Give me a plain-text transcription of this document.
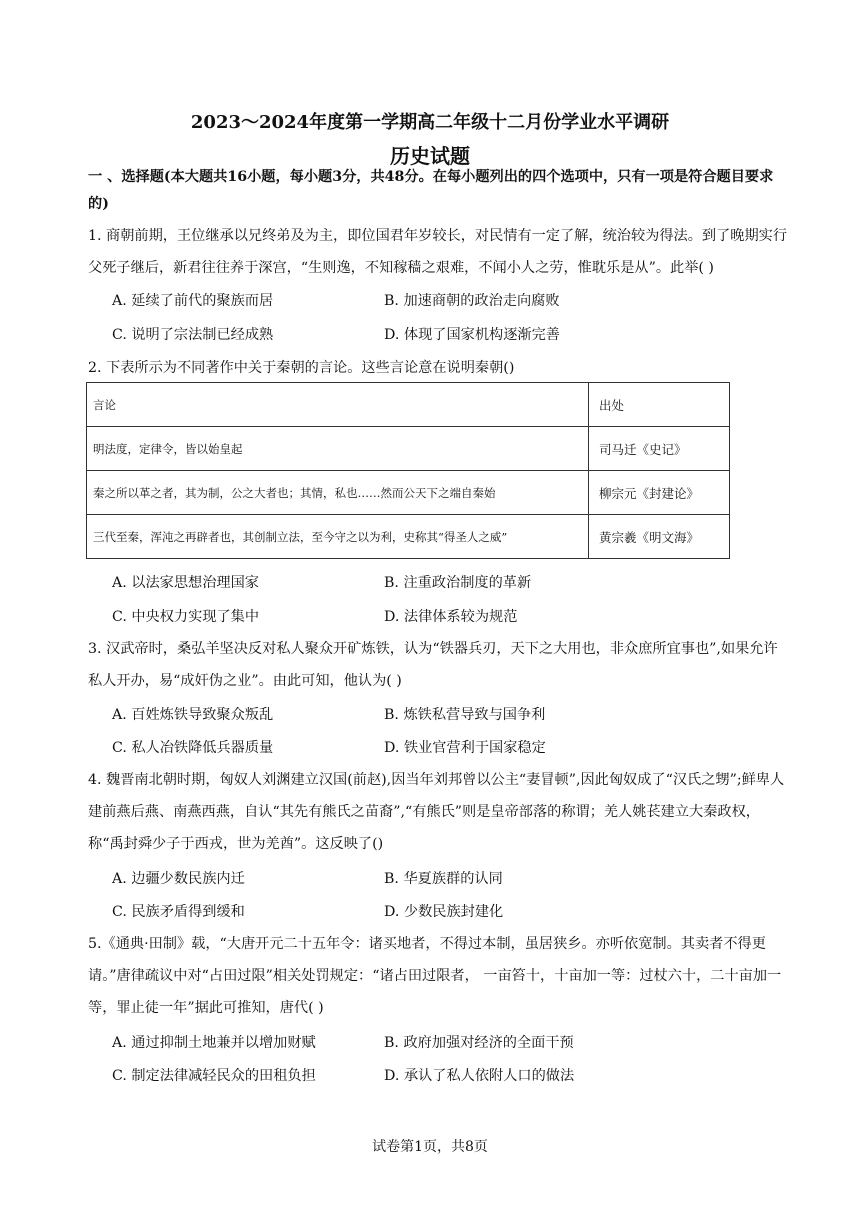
2023～2024年度第一学期高二年级十二月份学业水平调研
历史试题
一 、选择题(本大题共16小题，每小题3分，共48分。在每小题列出的四个选项中，只有一项是符合题目要求的)
1. 商朝前期，王位继承以兄终弟及为主，即位国君年岁较长，对民情有一定了解，统治较为得法。到了晚期实行父死子继后，新君往往养于深宫，“生则逸，不知稼穑之艰难，不闻小人之劳，惟耽乐是从”。此举( )
A. 延续了前代的聚族而居	B. 加速商朝的政治走向腐败
C. 说明了宗法制已经成熟	D. 体现了国家机构逐渐完善
2. 下表所示为不同著作中关于秦朝的言论。这些言论意在说明秦朝()
言论	出处
明法度，定律令，皆以始皇起	司马迁《史记》
秦之所以革之者，其为制，公之大者也；其情，私也……然而公天下之端自秦始	柳宗元《封建论》
三代至秦，浑沌之再辟者也，其创制立法，至今守之以为利，史称其“得圣人之威”	黄宗羲《明文海》
A. 以法家思想治理国家	B. 注重政治制度的革新
C. 中央权力实现了集中	D. 法律体系较为规范
3. 汉武帝时，桑弘羊坚决反对私人聚众开矿炼铁，认为“铁器兵刃，天下之大用也，非众庶所宜事也”,如果允许私人开办，易“成奸伪之业”。由此可知，他认为( )
A. 百姓炼铁导致聚众叛乱	B. 炼铁私营导致与国争利
C. 私人冶铁降低兵器质量	D. 铁业官营利于国家稳定
4. 魏晋南北朝时期，匈奴人刘渊建立汉国(前赵),因当年刘邦曾以公主“妻冒顿”,因此匈奴成了“汉氏之甥”;鲜卑人建前燕后燕、南燕西燕，自认“其先有熊氏之苗裔”,“有熊氏”则是皇帝部落的称谓；羌人姚苌建立大秦政权，称“禹封舜少子于西戎，世为羌酋”。这反映了()
A. 边疆少数民族内迁	B. 华夏族群的认同
C. 民族矛盾得到缓和	D. 少数民族封建化
5.《通典·田制》载，“大唐开元二十五年令：诸买地者，不得过本制，虽居狭乡。亦听依宽制。其卖者不得更请。”唐律疏议中对“占田过限”相关处罚规定：“诸占田过限者， 一亩笞十，十亩加一等：过杖六十，二十亩加一等，罪止徒一年”据此可推知，唐代( )
A. 通过抑制土地兼并以增加财赋	B. 政府加强对经济的全面干预
C. 制定法律减轻民众的田租负担	D. 承认了私人依附人口的做法
试卷第1页，共8页
